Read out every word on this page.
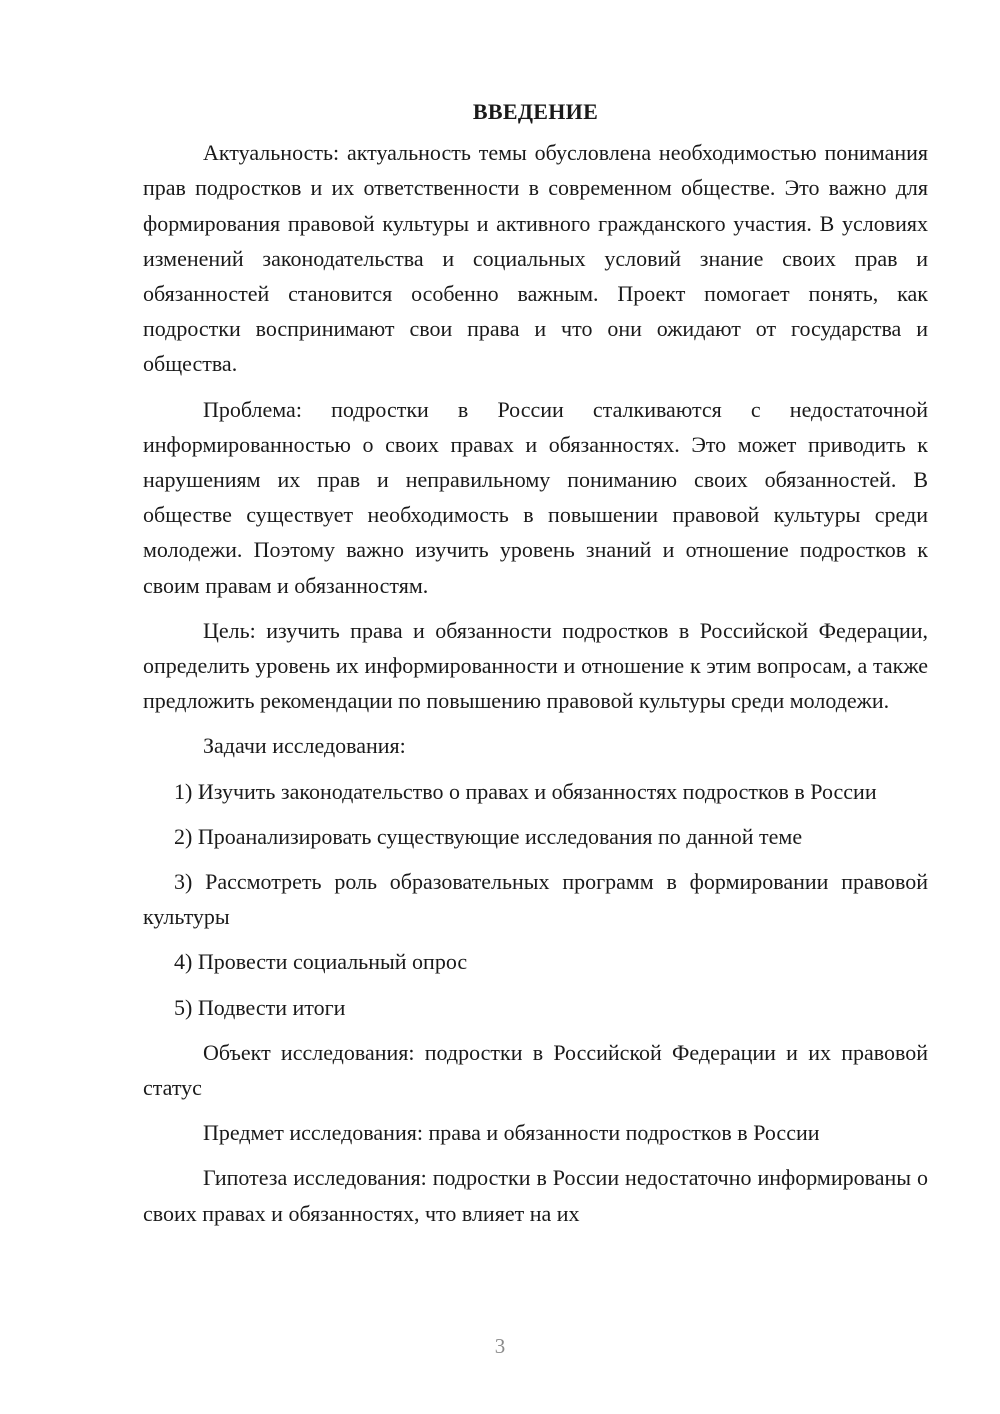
ВВЕДЕНИЕ

Актуальность: актуальность темы обусловлена необходимостью понимания прав подростков и их ответственности в современном обществе. Это важно для формирования правовой культуры и активного гражданского участия. В условиях изменений законодательства и социальных условий знание своих прав и обязанностей становится особенно важным. Проект помогает понять, как подростки воспринимают свои права и что они ожидают от государства и общества.

Проблема: подростки в России сталкиваются с недостаточной информированностью о своих правах и обязанностях. Это может приводить к нарушениям их прав и неправильному пониманию своих обязанностей. В обществе существует необходимость в повышении правовой культуры среди молодежи. Поэтому важно изучить уровень знаний и отношение подростков к своим правам и обязанностям.

Цель: изучить права и обязанности подростков в Российской Федерации, определить уровень их информированности и отношение к этим вопросам, а также предложить рекомендации по повышению правовой культуры среди молодежи.

Задачи исследования:

1) Изучить законодательство о правах и обязанностях подростков в России

2) Проанализировать существующие исследования по данной теме

3) Рассмотреть роль образовательных программ в формировании правовой культуры

4) Провести социальный опрос

5) Подвести итоги

Объект исследования: подростки в Российской Федерации и их правовой статус

Предмет исследования: права и обязанности подростков в России

Гипотеза исследования: подростки в России недостаточно информированы о своих правах и обязанностях, что влияет на их

3
